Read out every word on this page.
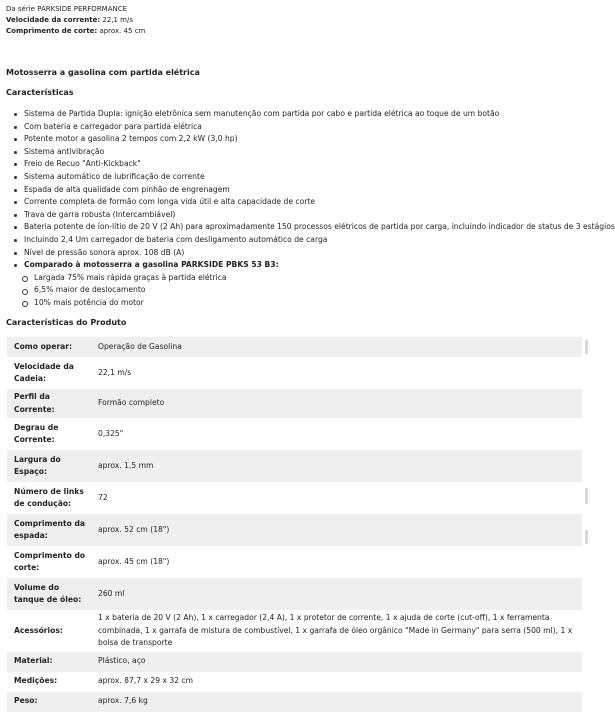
Da série PARKSIDE PERFORMANCE
Velocidade da corrente: 22,1 m/s
Comprimento de corte: aprox. 45 cm
Motosserra a gasolina com partida elétrica
Características
Sistema de Partida Dupla: ignição eletrônica sem manutenção com partida por cabo e partida elétrica ao toque de um botão
Com bateria e carregador para partida elétrica
Potente motor a gasolina 2 tempos com 2,2 kW (3,0 hp)
Sistema antivibração
Freio de Recuo "Anti-Kickback"
Sistema automático de lubrificação de corrente
Espada de alta qualidade com pinhão de engrenagem
Corrente completa de formão com longa vida útil e alta capacidade de corte
Trava de garra robusta (Intercambiável)
Bateria potente de íon-lítio de 20 V (2 Ah) para aproximadamente 150 processos elétricos de partida por carga, incluindo indicador de status de 3 estágios
Incluindo 2,4 Um carregador de bateria com desligamento automático de carga
Nível de pressão sonora aprox. 108 dB (A)
Comparado à motosserra a gasolina PARKSIDE PBKS 53 B3:
Largada 75% mais rápida graças à partida elétrica
6,5% maior de deslocamento
10% mais potência do motor
Características do Produto
Como operar:	Operação de Gasolina
Velocidade da Cadeia:	22,1 m/s
Perfil da Corrente:	Formão completo
Degrau de Corrente:	0,325"
Largura do Espaço:	aprox. 1,5 mm
Número de links de condução:	72
Comprimento da espada:	aprox. 52 cm (18")
Comprimento do corte:	aprox. 45 cm (18")
Volume do tanque de óleo:	260 ml
Acessórios:	1 x bateria de 20 V (2 Ah), 1 x carregador (2,4 A), 1 x protetor de corrente, 1 x ajuda de corte (cut-off), 1 x ferramenta combinada, 1 x garrafa de mistura de combustível, 1 x garrafa de óleo orgânico "Made in Germany" para serra (500 ml), 1 x bolsa de transporte
Material:	Plástico, aço
Medições:	aprox. 87,7 x 29 x 32 cm
Peso:	aprox. 7,6 kg
